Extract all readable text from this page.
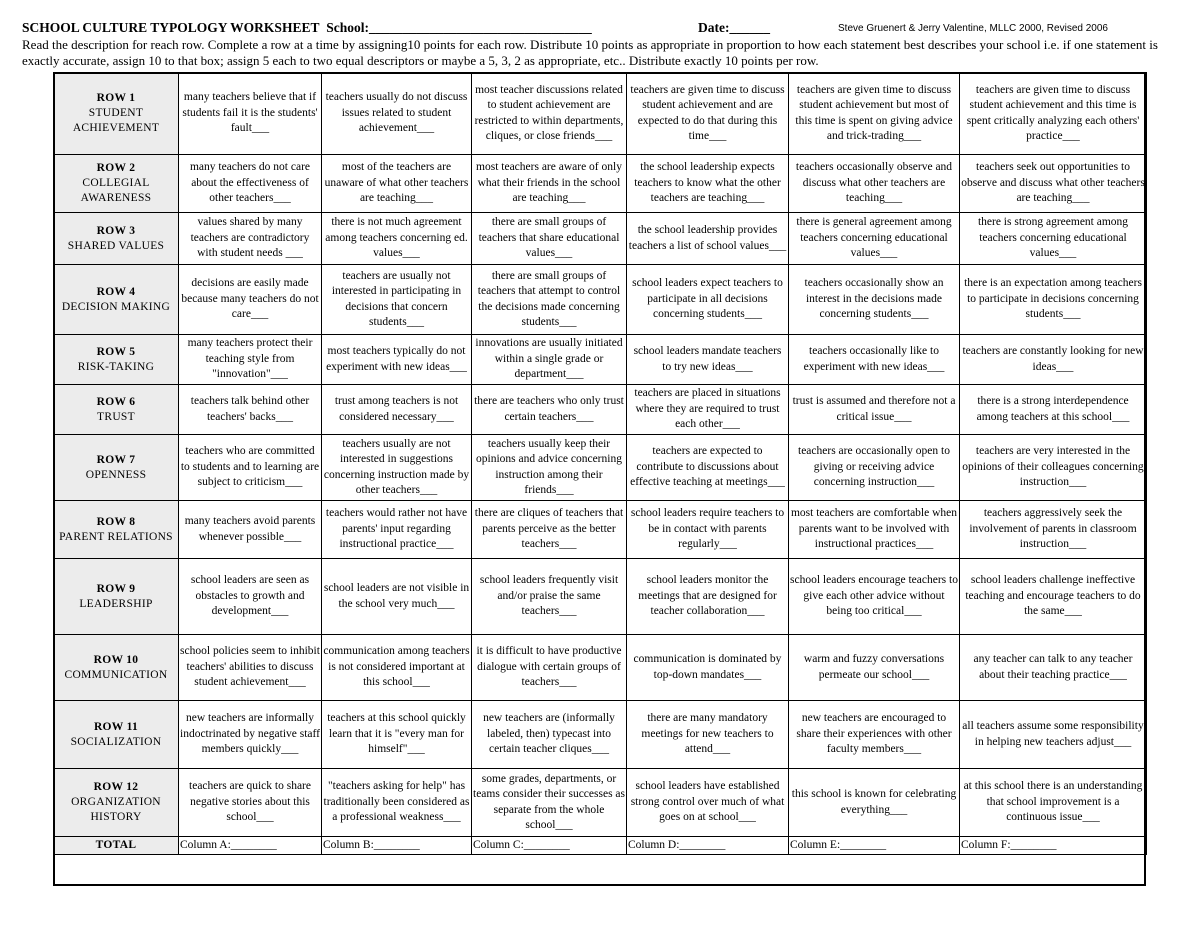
SCHOOL CULTURE TYPOLOGY WORKSHEET School:_________________________________	Date:______	Steve Gruenert & Jerry Valentine, MLLC 2000, Revised 2006
Read the description for reach row. Complete a row at a time by assigning10 points for each row. Distribute 10 points as appropriate in proportion to how each statement best describes your school i.e. if one statement is exactly accurate, assign 10 to that box; assign 5 each to two equal descriptors or maybe a 5, 3, 2 as appropriate, etc.. Distribute exactly 10 points per row.
ROW 1
STUDENT ACHIEVEMENT	many teachers believe that if students fail it is the students' fault___	teachers usually do not discuss issues related to student achievement___	most teacher discussions related to student achievement are restricted to within departments, cliques, or close friends___	teachers are given time to discuss student achievement and are expected to do that during this time___	teachers are given time to discuss student achievement but most of this time is spent on giving advice and trick-trading___	teachers are given time to discuss student achievement and this time is spent critically analyzing each others' practice___

ROW 2
COLLEGIAL AWARENESS	many teachers do not care about the effectiveness of other teachers___	most of the teachers are unaware of what other teachers are teaching___	most teachers are aware of only what their friends in the school are teaching___	the school leadership expects teachers to know what the other teachers are teaching___	teachers occasionally observe and discuss what other teachers are teaching___	teachers seek out opportunities to observe and discuss what other teachers are teaching___

ROW 3
SHARED VALUES	values shared by many teachers are contradictory with student needs ___	there is not much agreement among teachers concerning ed. values___	there are small groups of teachers that share educational values___	the school leadership provides teachers a list of school values___	there is general agreement among teachers concerning educational values___	there is strong agreement among teachers concerning educational values___

ROW 4
DECISION MAKING	decisions are easily made because many teachers do not care___	teachers are usually not interested in participating in decisions that concern students___	there are small groups of teachers that attempt to control the decisions made concerning students___	school leaders expect teachers to participate in all decisions concerning students___	teachers occasionally show an interest in the decisions made concerning students___	there is an expectation among teachers to participate in decisions concerning students___

ROW 5
RISK-TAKING	many teachers protect their teaching style from "innovation"___	most teachers typically do not experiment with new ideas___	innovations are usually initiated within a single grade or department___	school leaders mandate teachers to try new ideas___	teachers occasionally like to experiment with new ideas___	teachers are constantly looking for new ideas___

ROW 6
TRUST	teachers talk behind other teachers' backs___	trust among teachers is not considered necessary___	there are teachers who only trust certain teachers___	teachers are placed in situations where they are required to trust each other___	trust is assumed and therefore not a critical issue___	there is a strong interdependence among teachers at this school___

ROW 7
OPENNESS	teachers who are committed to students and to learning are subject to criticism___	teachers usually are not interested in suggestions concerning instruction made by other teachers___	teachers usually keep their opinions and advice concerning instruction among their friends___	teachers are expected to contribute to discussions about effective teaching at meetings___	teachers are occasionally open to giving or receiving advice concerning instruction___	teachers are very interested in the opinions of their colleagues concerning instruction___

ROW 8
PARENT RELATIONS	many teachers avoid parents whenever possible___	teachers would rather not have parents' input regarding instructional practice___	there are cliques of teachers that parents perceive as the better teachers___	school leaders require teachers to be in contact with parents regularly___	most teachers are comfortable when parents want to be involved with instructional practices___	teachers aggressively seek the involvement of parents in classroom instruction___

ROW 9
LEADERSHIP	school leaders are seen as obstacles to growth and development___	school leaders are not visible in the school very much___	school leaders frequently visit and/or praise the same teachers___	school leaders monitor the meetings that are designed for teacher collaboration___	school leaders encourage teachers to give each other advice without being too critical___	school leaders challenge ineffective teaching and encourage teachers to do the same___

ROW 10
COMMUNICATION	school policies seem to inhibit teachers' abilities to discuss student achievement___	communication among teachers is not considered important at this school___	it is difficult to have productive dialogue with certain groups of teachers___	communication is dominated by top-down mandates___	warm and fuzzy conversations permeate our school___	any teacher can talk to any teacher about their teaching practice___

ROW 11
SOCIALIZATION	new teachers are informally indoctrinated by negative staff members quickly___	teachers at this school quickly learn that it is "every man for himself"___	new teachers are (informally labeled, then) typecast into certain teacher cliques___	there are many mandatory meetings for new teachers to attend___	new teachers are encouraged to share their experiences with other faculty members___	all teachers assume some responsibility in helping new teachers adjust___

ROW 12
ORGANIZATION HISTORY	teachers are quick to share negative stories about this school___	"teachers asking for help" has traditionally been considered as a professional weakness___	some grades, departments, or teams consider their successes as separate from the whole school___	school leaders have established strong control over much of what goes on at school___	this school is known for celebrating everything___	at this school there is an understanding that school improvement is a continuous issue___
TOTAL	Column A:________	Column B:________	Column C:________	Column D:________	Column E:________	Column F:________
